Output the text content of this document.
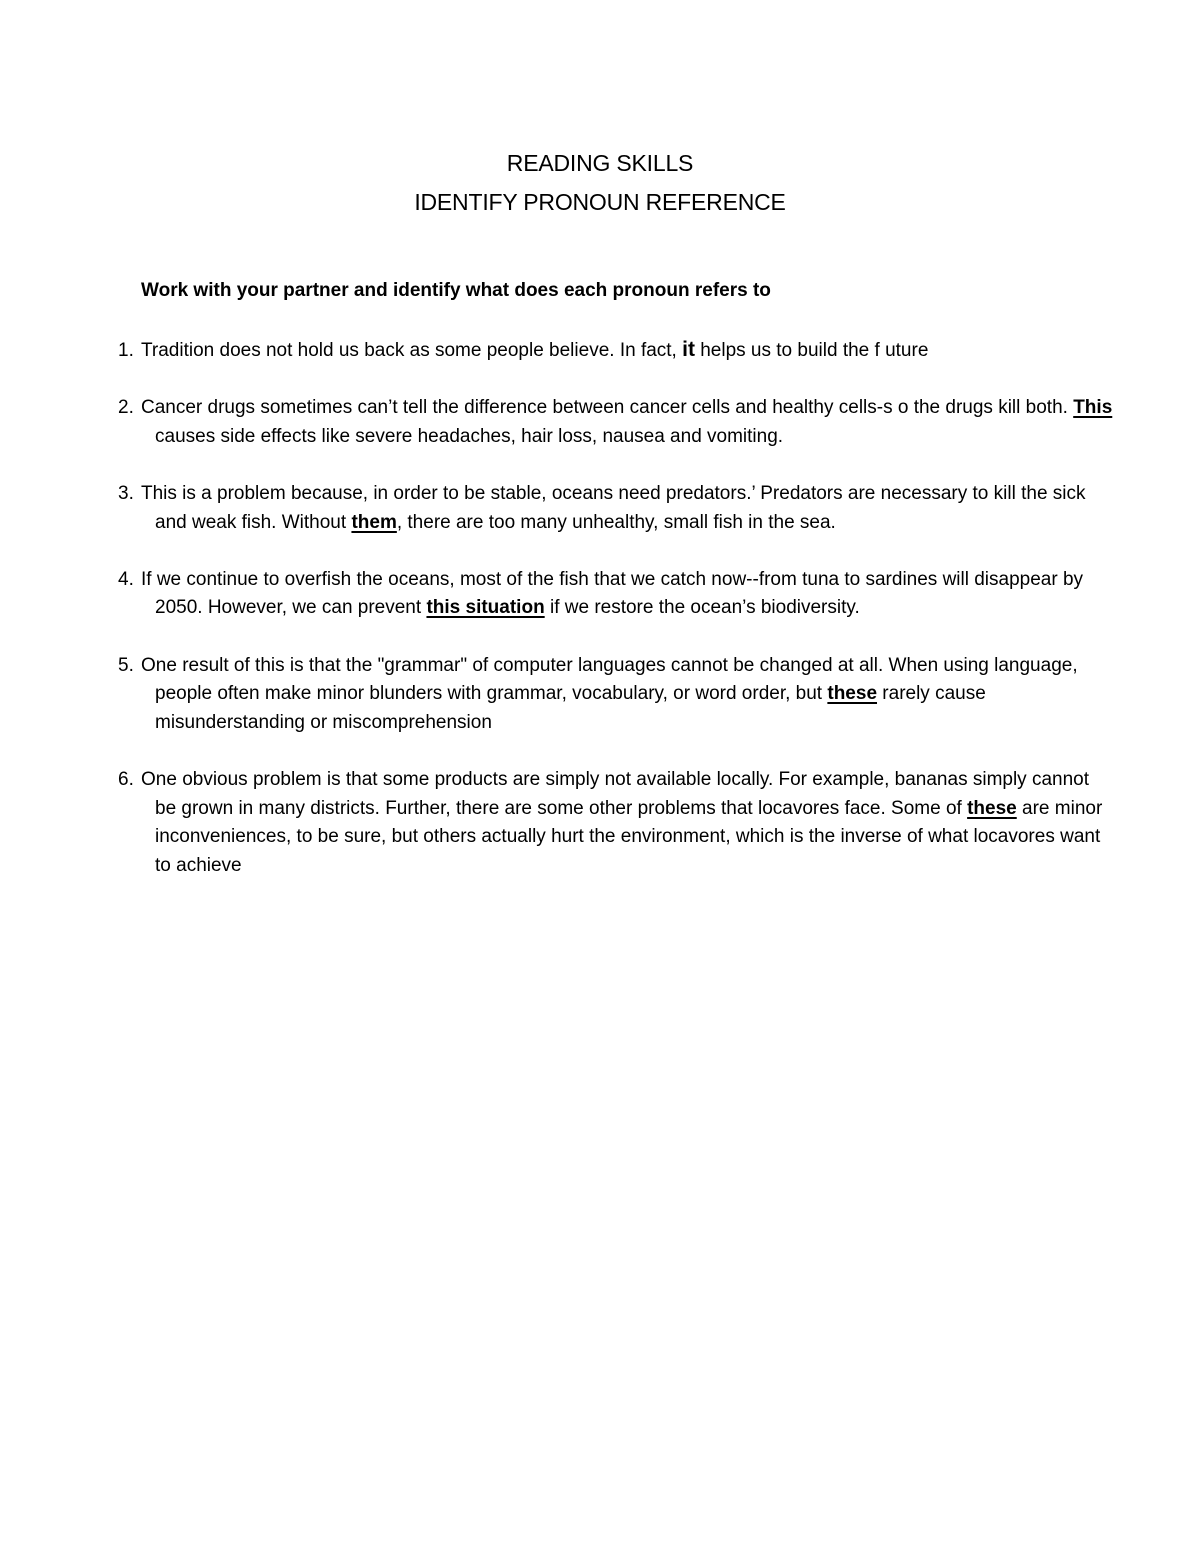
READING SKILLS
IDENTIFY PRONOUN REFERENCE

Work with your partner and identify what does each pronoun refers to

1. Tradition does not hold us back as some people believe. In fact, it helps us to build the f uture
2. Cancer drugs sometimes can’t tell the difference between cancer cells and healthy cells-s o the drugs kill both. This causes side effects like severe headaches, hair loss, nausea and vomiting.
3. This is a problem because, in order to be stable, oceans need predators.’ Predators are necessary to kill the sick and weak fish. Without them, there are too many unhealthy, small fish in the sea.
4. If we continue to overfish the oceans, most of the fish that we catch now--from tuna to sardines will disappear by 2050. However, we can prevent this situation if we restore the ocean’s biodiversity.
5. One result of this is that the "grammar" of computer languages cannot be changed at all. When using language, people often make minor blunders with grammar, vocabulary, or word order, but these rarely cause misunderstanding or miscomprehension
6. One obvious problem is that some products are simply not available locally. For example, bananas simply cannot be grown in many districts. Further, there are some other problems that locavores face. Some of these are minor inconveniences, to be sure, but others actually hurt the environment, which is the inverse of what locavores want to achieve
